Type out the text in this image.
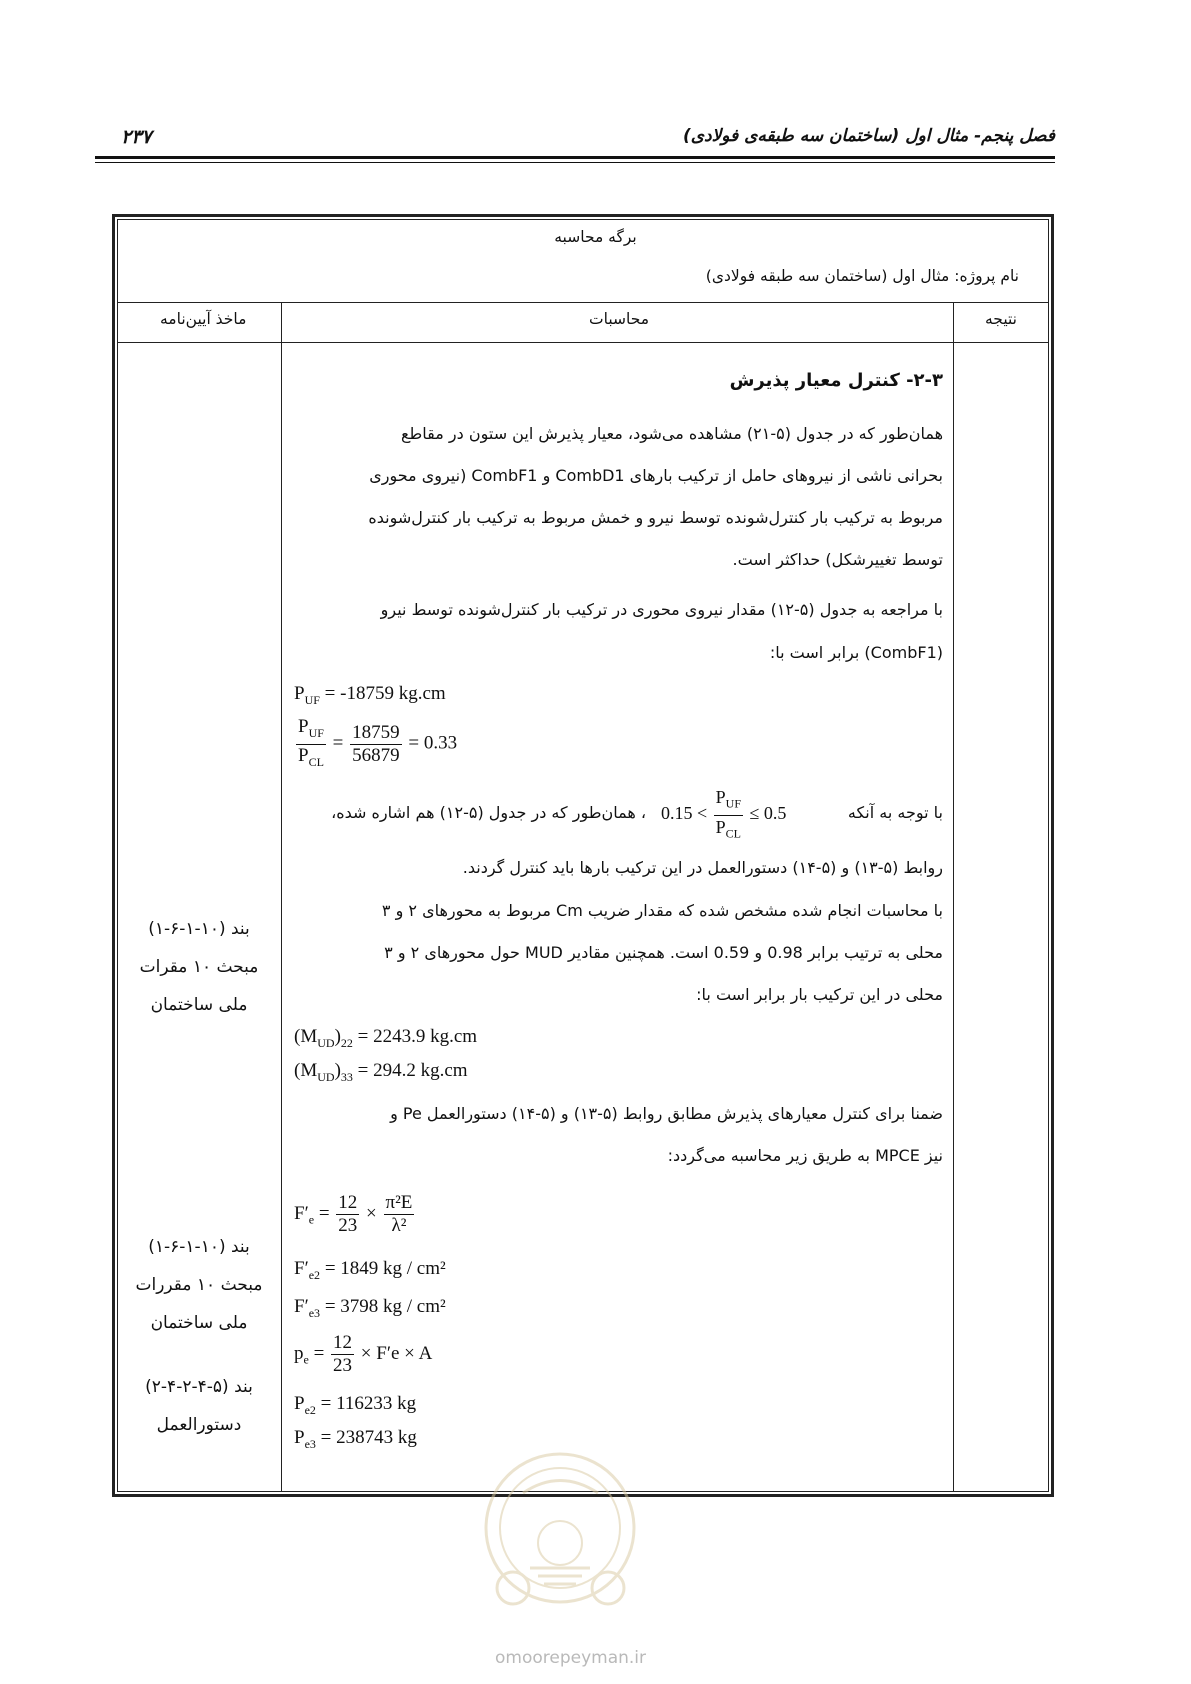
فصل پنجم- مثال اول (ساختمان سه طبقه‌ی فولادی)
۲۳۷
برگه محاسبه
نام پروژه: مثال اول (ساختمان سه طبقه فولادی)
نتیجه
محاسبات
ماخذ آیین‌نامه
۲-۳- کنترل معیار پذیرش
همان‌طور که در جدول (۵-۲۱) مشاهده می‌شود، معیار پذیرش این ستون در مقاطع
بحرانی ناشی از نیروهای حامل از ترکیب بارهای CombD1 و CombF1 (نیروی محوری
مربوط به ترکیب بار کنترل‌شونده توسط نیرو و خمش مربوط به ترکیب بار کنترل‌شونده
توسط تغییرشکل) حداکثر است.
با مراجعه به جدول (۵-۱۲) مقدار نیروی محوری در ترکیب بار کنترل‌شونده توسط نیرو
(CombF1) برابر است با:
$P_{UF} = -18759$ kg.cm
$\frac{P_{UF}}{P_{CL}} = \frac{18759}{56879} = 0.33$
با توجه به آنکه
$0.15 < \frac{P_{UF}}{P_{CL}} \le 0.5$
، همان‌طور که در جدول (۵-۱۲) هم اشاره شده،
روابط (۵-۱۳) و (۵-۱۴) دستورالعمل در این ترکیب بارها باید کنترل گردند.
با محاسبات انجام شده مشخص شده که مقدار ضریب Cm مربوط به محورهای ۲ و ۳
محلی به ترتیب برابر 0.98 و 0.59 است. همچنین مقادیر MUD حول محورهای ۲ و ۳
محلی در این ترکیب بار برابر است با:
$(M_{UD})_{22} = 2243.9$ kg.cm
$(M_{UD})_{33} = 294.2$ kg.cm
ضمنا برای کنترل معیارهای پذیرش مطابق روابط (۵-۱۳) و (۵-۱۴) دستورالعمل Pe و
نیز MPCE به طریق زیر محاسبه می‌گردد:
$F'_e = \frac{12}{23} \times \frac{\text{π²E}}{\text{λ²}}$
$F'_{e2} = 1849$ kg / cm²
$F'_{e3} = 3798$ kg / cm²
$p_e = \frac{12}{23} \times F'e \times A$
$P_{e2} = 116233$ kg
$P_{e3} = 238743$ kg
بند (۱۰-۱-۶-۱)
مبحث ۱۰ مقرات
ملی ساختمان
بند (۱۰-۱-۶-۱)
مبحث ۱۰ مقررات
ملی ساختمان
بند (۵-۴-۲-۴-۲)
دستورالعمل
omoorepeyman.ir
